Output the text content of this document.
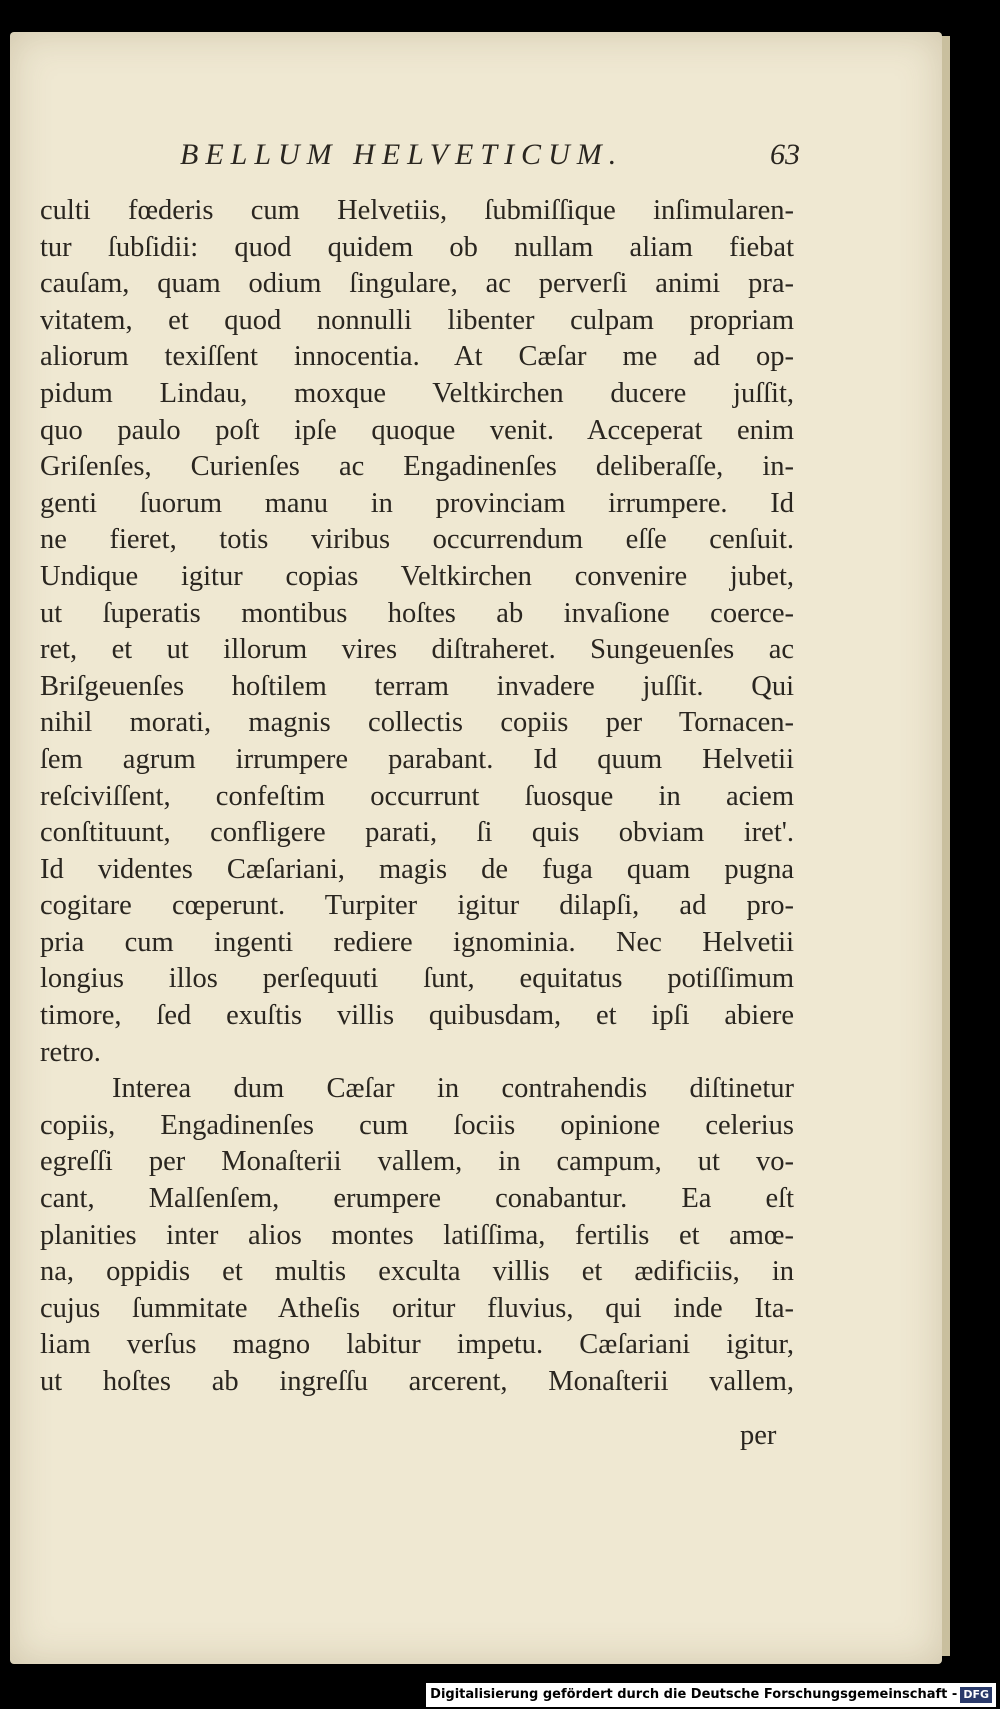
BELLUM HELVETICUM.	63
culti fœderis cum Helvetiis, ſubmiſſique inſimularen-
tur ſubſidii: quod quidem ob nullam aliam fiebat
cauſam, quam odium ſingulare, ac perverſi animi pra-
vitatem, et quod nonnulli libenter culpam propriam
aliorum texiſſent innocentia. At Cæſar me ad op-
pidum Lindau, moxque Veltkirchen ducere juſſit,
quo paulo poſt ipſe quoque venit. Acceperat enim
Griſenſes, Curienſes ac Engadinenſes deliberaſſe, in-
genti ſuorum manu in provinciam irrumpere. Id
ne fieret, totis viribus occurrendum eſſe cenſuit.
Undique igitur copias Veltkirchen convenire jubet,
ut ſuperatis montibus hoſtes ab invaſione coerce-
ret, et ut illorum vires diſtraheret. Sungeuenſes ac
Briſgeuenſes hoſtilem terram invadere juſſit. Qui
nihil morati, magnis collectis copiis per Tornacen-
ſem agrum irrumpere parabant. Id quum Helvetii
reſciviſſent, confeſtim occurrunt ſuosque in aciem
conſtituunt, confligere parati, ſi quis obviam iret'.
Id videntes Cæſariani, magis de fuga quam pugna
cogitare cœperunt. Turpiter igitur dilapſi, ad pro-
pria cum ingenti rediere ignominia. Nec Helvetii
longius illos perſequuti ſunt, equitatus potiſſimum
timore, ſed exuſtis villis quibusdam, et ipſi abiere
retro.
Interea dum Cæſar in contrahendis diſtinetur
copiis, Engadinenſes cum ſociis opinione celerius
egreſſi per Monaſterii vallem, in campum, ut vo-
cant, Malſenſem, erumpere conabantur. Ea eſt
planities inter alios montes latiſſima, fertilis et amœ-
na, oppidis et multis exculta villis et ædificiis, in
cujus ſummitate Atheſis oritur fluvius, qui inde Ita-
liam verſus magno labitur impetu. Cæſariani igitur,
ut hoſtes ab ingreſſu arcerent, Monaſterii vallem,
per
Digitalisierung gefördert durch die Deutsche Forschungsgemeinschaft - DFG
